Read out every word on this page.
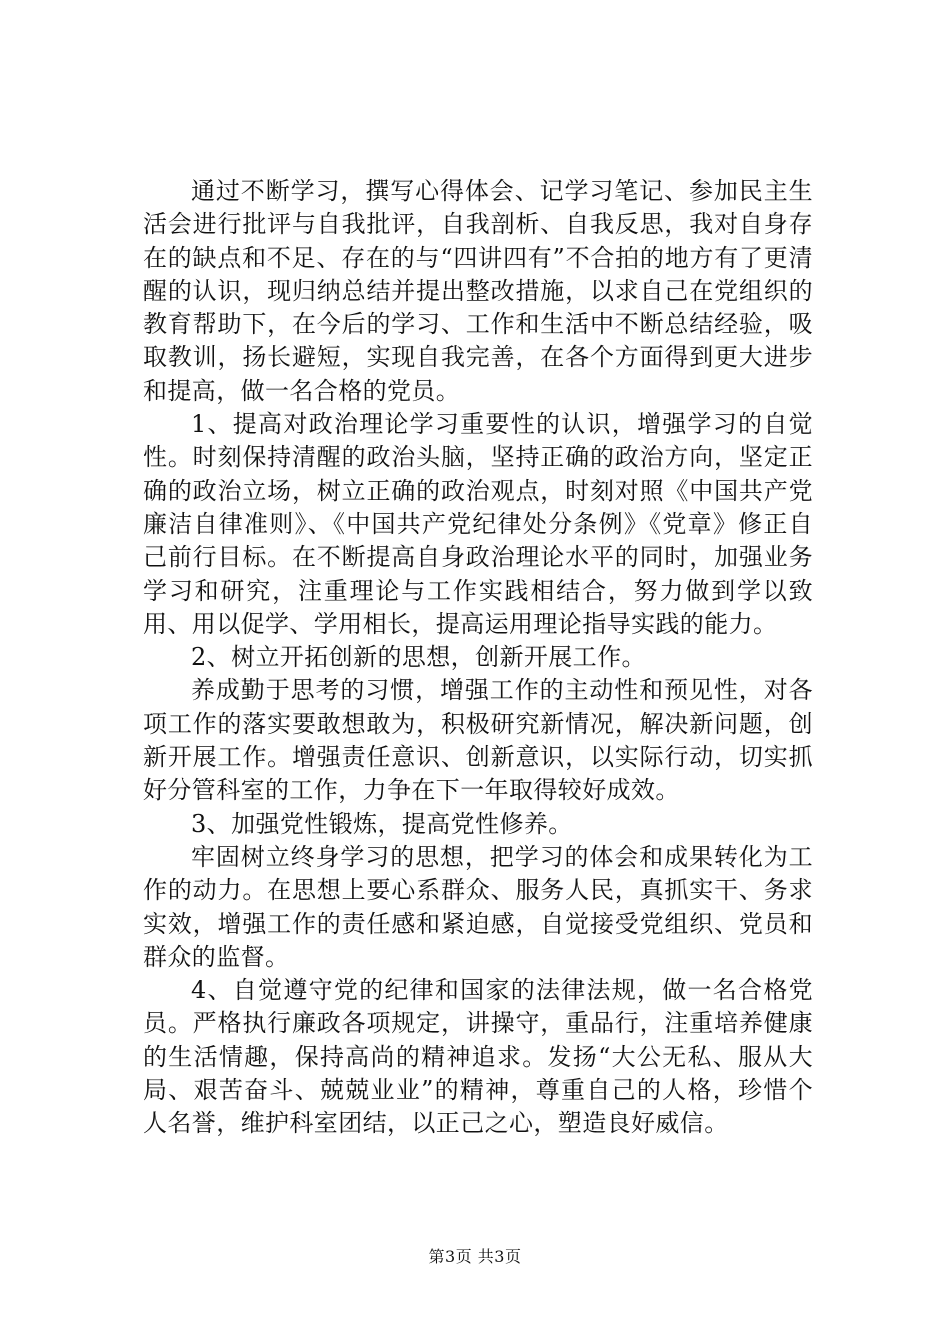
通过不断学习，撰写心得体会、记学习笔记、参加民主生活会进行批评与自我批评，自我剖析、自我反思，我对自身存在的缺点和不足、存在的与“四讲四有”不合拍的地方有了更清醒的认识，现归纳总结并提出整改措施，以求自己在党组织的教育帮助下，在今后的学习、工作和生活中不断总结经验，吸取教训，扬长避短，实现自我完善，在各个方面得到更大进步和提高，做一名合格的党员。

1、提高对政治理论学习重要性的认识，增强学习的自觉性。时刻保持清醒的政治头脑，坚持正确的政治方向，坚定正确的政治立场，树立正确的政治观点，时刻对照《中国共产党廉洁自律准则》、《中国共产党纪律处分条例》《党章》修正自己前行目标。在不断提高自身政治理论水平的同时，加强业务学习和研究，注重理论与工作实践相结合，努力做到学以致用、用以促学、学用相长，提高运用理论指导实践的能力。

2、树立开拓创新的思想，创新开展工作。

养成勤于思考的习惯，增强工作的主动性和预见性，对各项工作的落实要敢想敢为，积极研究新情况，解决新问题，创新开展工作。增强责任意识、创新意识，以实际行动，切实抓好分管科室的工作，力争在下一年取得较好成效。

3、加强党性锻炼，提高党性修养。

牢固树立终身学习的思想，把学习的体会和成果转化为工作的动力。在思想上要心系群众、服务人民，真抓实干、务求实效，增强工作的责任感和紧迫感，自觉接受党组织、党员和群众的监督。

4、自觉遵守党的纪律和国家的法律法规，做一名合格党员。严格执行廉政各项规定，讲操守，重品行，注重培养健康的生活情趣，保持高尚的精神追求。发扬“大公无私、服从大局、艰苦奋斗、兢兢业业”的精神，尊重自己的人格，珍惜个人名誉，维护科室团结，以正己之心，塑造良好威信。

第3页 共3页
